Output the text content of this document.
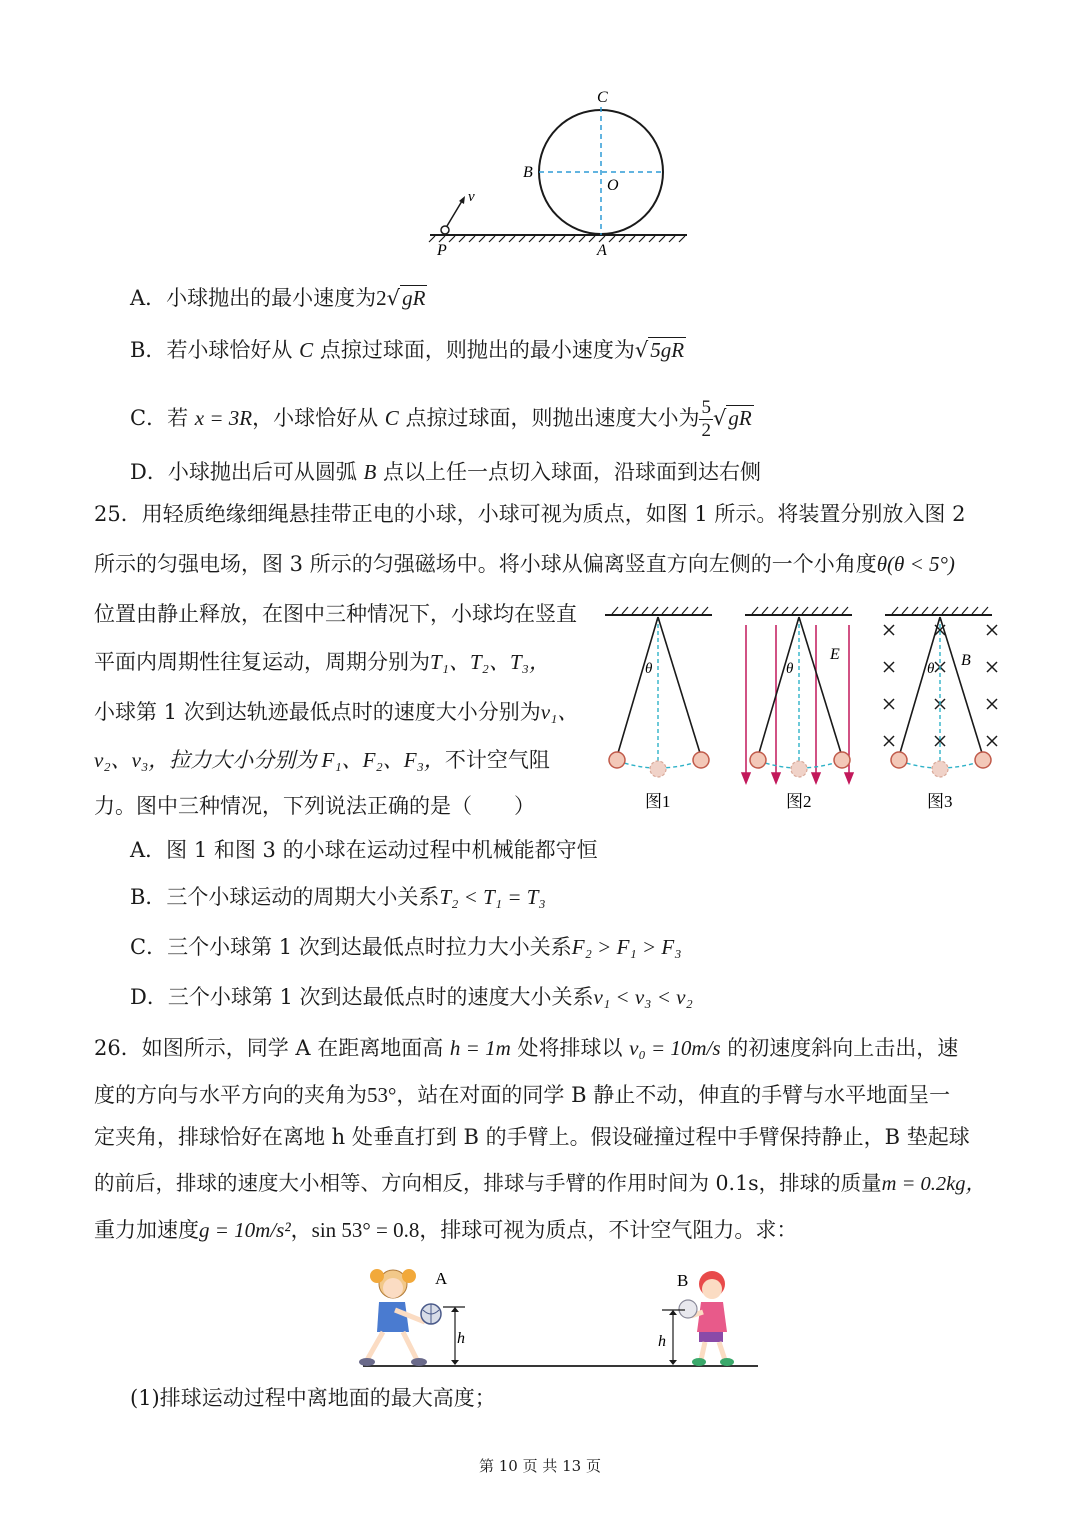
C
B
O
v
P	A
A．小球抛出的最小速度为2√gR
B．若小球恰好从 C 点掠过球面，则抛出的最小速度为√5gR
C．若 x = 3R，小球恰好从 C 点掠过球面，则抛出速度大小为 $\frac{5}{2} √gR$
D．小球抛出后可从圆弧 B 点以上任一点切入球面，沿球面到达右侧
25．用轻质绝缘细绳悬挂带正电的小球，小球可视为质点，如图 1 所示。将装置分别放入图 2
所示的匀强电场，图 3 所示的匀强磁场中。将小球从偏离竖直方向左侧的一个小角度θ(θ < 5°)
位置由静止释放，在图中三种情况下，小球均在竖直
平面内周期性往复运动，周期分别为T₁、T₂、T₃，
小球第 1 次到达轨迹最低点时的速度大小分别为v₁、
v₂、v₃，拉力大小分别为 F₁、F₂、F₃，不计空气阻
力。图中三种情况，下列说法正确的是（　　）
θ
图1
θ
E
图2
θ B
图3
A．图 1 和图 3 的小球在运动过程中机械能都守恒
B．三个小球运动的周期大小关系T₂ < T₁ = T₃
C．三个小球第 1 次到达最低点时拉力大小关系F₂ > F₁ > F₃
D．三个小球第 1 次到达最低点时的速度大小关系v₁ < v₃ < v₂
26．如图所示，同学 A 在距离地面高 h = 1m 处将排球以 v₀ = 10m/s 的初速度斜向上击出，速
度的方向与水平方向的夹角为53°，站在对面的同学 B 静止不动，伸直的手臂与水平地面呈一
定夹角，排球恰好在离地 h 处垂直打到 B 的手臂上。假设碰撞过程中手臂保持静止，B 垫起球
的前后，排球的速度大小相等、方向相反，排球与手臂的作用时间为 0.1s，排球的质量m = 0.2kg，
重力加速度g = 10m/s²，sin 53° = 0.8，排球可视为质点，不计空气阻力。求：
A
h
B
h
(1)排球运动过程中离地面的最大高度；
第 10 页 共 13 页
